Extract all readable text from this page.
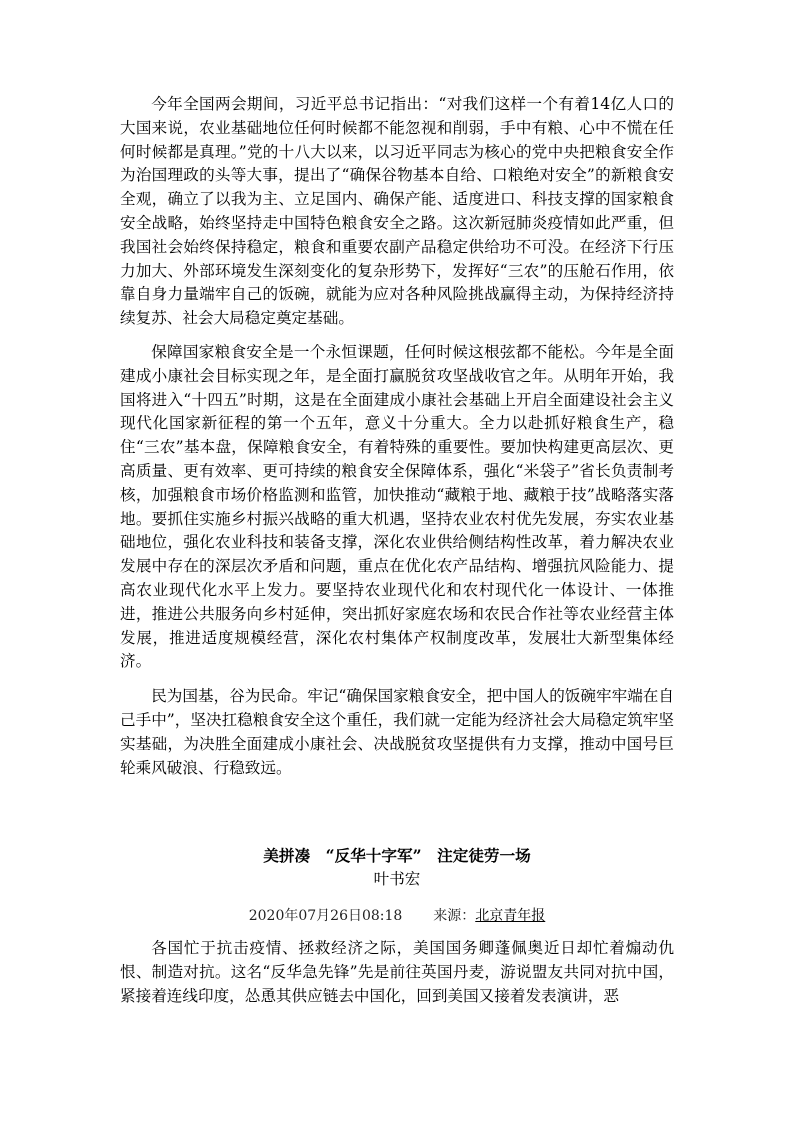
今年全国两会期间，习近平总书记指出：“对我们这样一个有着14亿人口的大国来说，农业基础地位任何时候都不能忽视和削弱，手中有粮、心中不慌在任何时候都是真理。”党的十八大以来，以习近平同志为核心的党中央把粮食安全作为治国理政的头等大事，提出了“确保谷物基本自给、口粮绝对安全”的新粮食安全观，确立了以我为主、立足国内、确保产能、适度进口、科技支撑的国家粮食安全战略，始终坚持走中国特色粮食安全之路。这次新冠肺炎疫情如此严重，但我国社会始终保持稳定，粮食和重要农副产品稳定供给功不可没。在经济下行压力加大、外部环境发生深刻变化的复杂形势下，发挥好“三农”的压舱石作用，依靠自身力量端牢自己的饭碗，就能为应对各种风险挑战赢得主动，为保持经济持续复苏、社会大局稳定奠定基础。

保障国家粮食安全是一个永恒课题，任何时候这根弦都不能松。今年是全面建成小康社会目标实现之年，是全面打赢脱贫攻坚战收官之年。从明年开始，我国将进入“十四五”时期，这是在全面建成小康社会基础上开启全面建设社会主义现代化国家新征程的第一个五年，意义十分重大。全力以赴抓好粮食生产，稳住“三农”基本盘，保障粮食安全，有着特殊的重要性。要加快构建更高层次、更高质量、更有效率、更可持续的粮食安全保障体系，强化“米袋子”省长负责制考核，加强粮食市场价格监测和监管，加快推动“藏粮于地、藏粮于技”战略落实落地。要抓住实施乡村振兴战略的重大机遇，坚持农业农村优先发展，夯实农业基础地位，强化农业科技和装备支撑，深化农业供给侧结构性改革，着力解决农业发展中存在的深层次矛盾和问题，重点在优化农产品结构、增强抗风险能力、提高农业现代化水平上发力。要坚持农业现代化和农村现代化一体设计、一体推进，推进公共服务向乡村延伸，突出抓好家庭农场和农民合作社等农业经营主体发展，推进适度规模经营，深化农村集体产权制度改革，发展壮大新型集体经济。

民为国基，谷为民命。牢记“确保国家粮食安全，把中国人的饭碗牢牢端在自己手中”，坚决扛稳粮食安全这个重任，我们就一定能为经济社会大局稳定筑牢坚实基础，为决胜全面建成小康社会、决战脱贫攻坚提供有力支撑，推动中国号巨轮乘风破浪、行稳致远。

美拼凑　“反华十字军”　注定徒劳一场
叶书宏
2020年07月26日08:18 来源：北京青年报

各国忙于抗击疫情、拯救经济之际，美国国务卿蓬佩奥近日却忙着煽动仇恨、制造对抗。这名“反华急先锋”先是前往英国丹麦，游说盟友共同对抗中国，紧接着连线印度，怂恿其供应链去中国化，回到美国又接着发表演讲，恶
